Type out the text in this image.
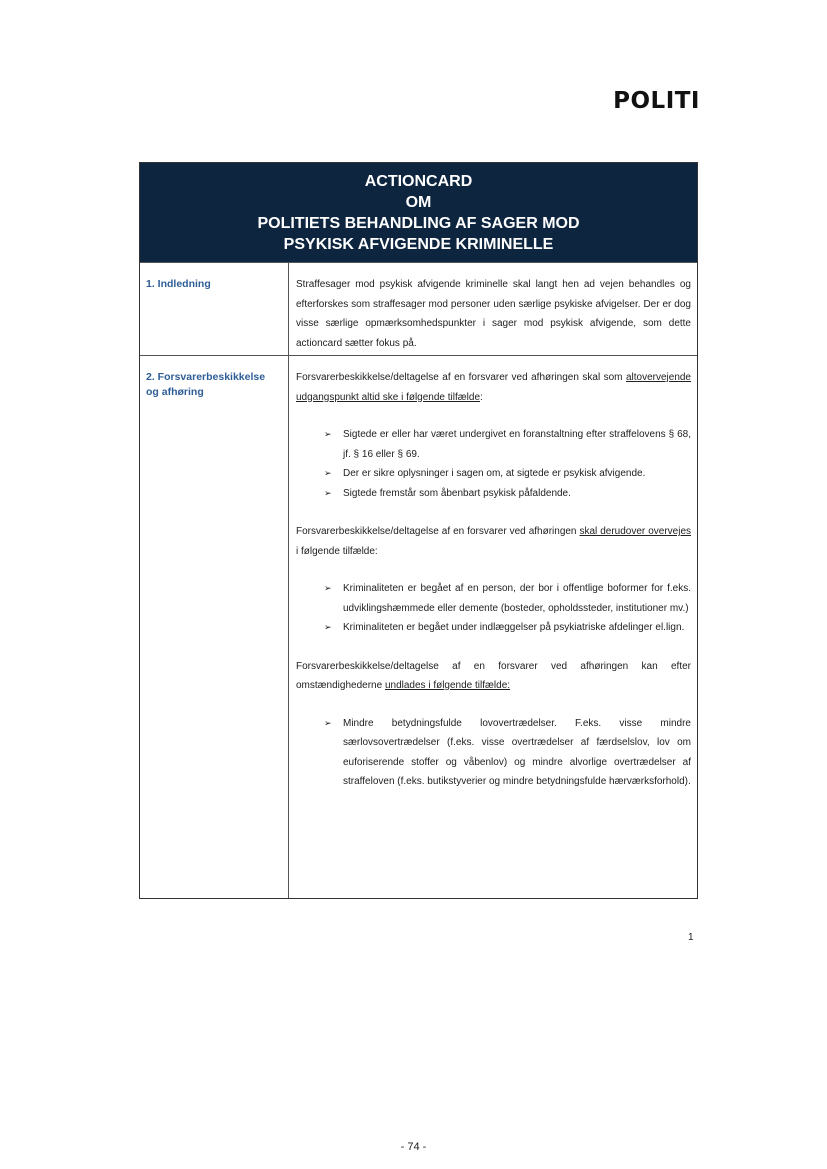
POLITI
ACTIONCARD
OM
POLITIETS BEHANDLING AF SAGER MOD
PSYKISK AFVIGENDE KRIMINELLE
1. Indledning	Straffesager mod psykisk afvigende kriminelle skal langt hen ad vejen behandles og efterforskes som straffesager mod personer uden særlige psykiske afvigelser. Der er dog visse særlige opmærksomhedspunkter i sager mod psykisk afvigende, som dette actioncard sætter fokus på.

2. Forsvarerbeskikkelse
og afhøring

Forsvarerbeskikkelse/deltagelse af en forsvarer ved afhøringen skal som altovervejende udgangspunkt altid ske i følgende tilfælde:

➢ Sigtede er eller har været undergivet en foranstaltning efter straffelovens § 68, jf. § 16 eller § 69.
➢ Der er sikre oplysninger i sagen om, at sigtede er psykisk afvigende.
➢ Sigtede fremstår som åbenbart psykisk påfaldende.

Forsvarerbeskikkelse/deltagelse af en forsvarer ved afhøringen skal derudover overvejes i følgende tilfælde:

➢ Kriminaliteten er begået af en person, der bor i offentlige boformer for f.eks. udviklingshæmmede eller demente (bosteder, opholdssteder, institutioner mv.)
➢ Kriminaliteten er begået under indlæggelser på psykiatriske afdelinger el.lign.

Forsvarerbeskikkelse/deltagelse af en forsvarer ved afhøringen kan efter omstændighederne undlades i følgende tilfælde:

➢ Mindre betydningsfulde lovovertrædelser. F.eks. visse mindre særlovsovertrædelser (f.eks. visse overtrædelser af færdselslov, lov om euforiserende stoffer og våbenlov) og mindre alvorlige overtrædelser af straffeloven (f.eks. butikstyverier og mindre betydningsfulde hærværksforhold).
1
- 74 -
